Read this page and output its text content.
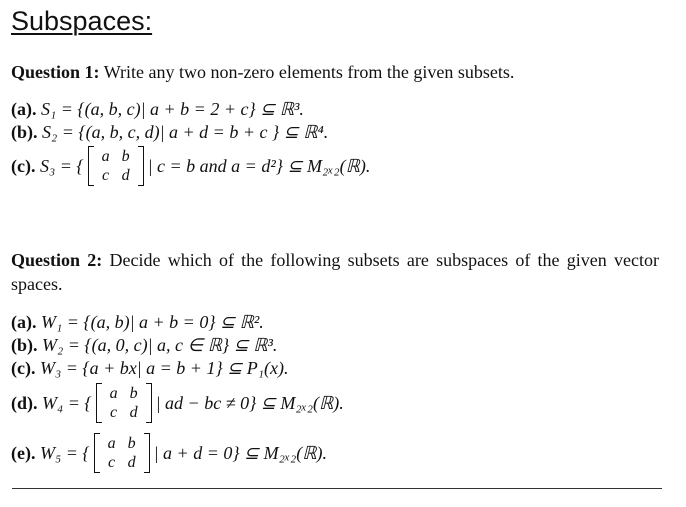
Subspaces:
Question 1: Write any two non-zero elements from the given subsets.
(a). S₁ = {(a, b, c)| a + b = 2 + c} ⊆ ℝ³.
(b). S₂ = {(a, b, c, d)| a + d = b + c } ⊆ ℝ⁴.
(c).
S₃ = {	a b
c d	| c = b and a = d²} ⊆ M₂ₓ₂(ℝ).
Question 2: Decide which of the following subsets are subspaces of the given vector spaces.
(a). W₁ = {(a, b)| a + b = 0} ⊆ ℝ².
(b). W₂ = {(a, 0, c)| a, c ∈ ℝ} ⊆ ℝ³.
(c). W₃ = {a + bx| a = b + 1} ⊆ P₁(x).
(d).
W₄ = {	a b
c d	| ad − bc ≠ 0} ⊆ M₂ₓ₂(ℝ).
(e).
W₅ = {	a b
c d	| a + d = 0} ⊆ M₂ₓ₂(ℝ).
